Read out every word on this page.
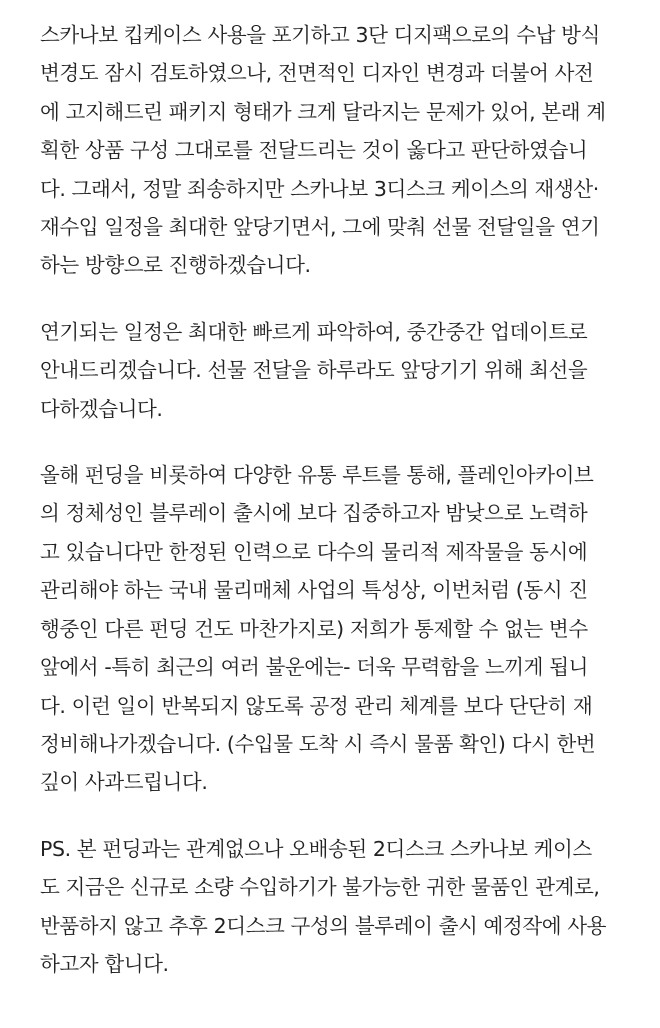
스카나보 킵케이스 사용을 포기하고 3단 디지팩으로의 수납 방식
변경도 잠시 검토하였으나, 전면적인 디자인 변경과 더불어 사전
에 고지해드린 패키지 형태가 크게 달라지는 문제가 있어, 본래 계
획한 상품 구성 그대로를 전달드리는 것이 옳다고 판단하였습니
다. 그래서, 정말 죄송하지만 스카나보 3디스크 케이스의 재생산·
재수입 일정을 최대한 앞당기면서, 그에 맞춰 선물 전달일을 연기
하는 방향으로 진행하겠습니다.

연기되는 일정은 최대한 빠르게 파악하여, 중간중간 업데이트로
안내드리겠습니다. 선물 전달을 하루라도 앞당기기 위해 최선을
다하겠습니다.

올해 펀딩을 비롯하여 다양한 유통 루트를 통해, 플레인아카이브
의 정체성인 블루레이 출시에 보다 집중하고자 밤낮으로 노력하
고 있습니다만 한정된 인력으로 다수의 물리적 제작물을 동시에
관리해야 하는 국내 물리매체 사업의 특성상, 이번처럼 (동시 진
행중인 다른 펀딩 건도 마찬가지로) 저희가 통제할 수 없는 변수
앞에서 -특히 최근의 여러 불운에는- 더욱 무력함을 느끼게 됩니
다. 이런 일이 반복되지 않도록 공정 관리 체계를 보다 단단히 재
정비해나가겠습니다. (수입물 도착 시 즉시 물품 확인) 다시 한번
깊이 사과드립니다.

PS. 본 펀딩과는 관계없으나 오배송된 2디스크 스카나보 케이스
도 지금은 신규로 소량 수입하기가 불가능한 귀한 물품인 관계로,
반품하지 않고 추후 2디스크 구성의 블루레이 출시 예정작에 사용
하고자 합니다.
